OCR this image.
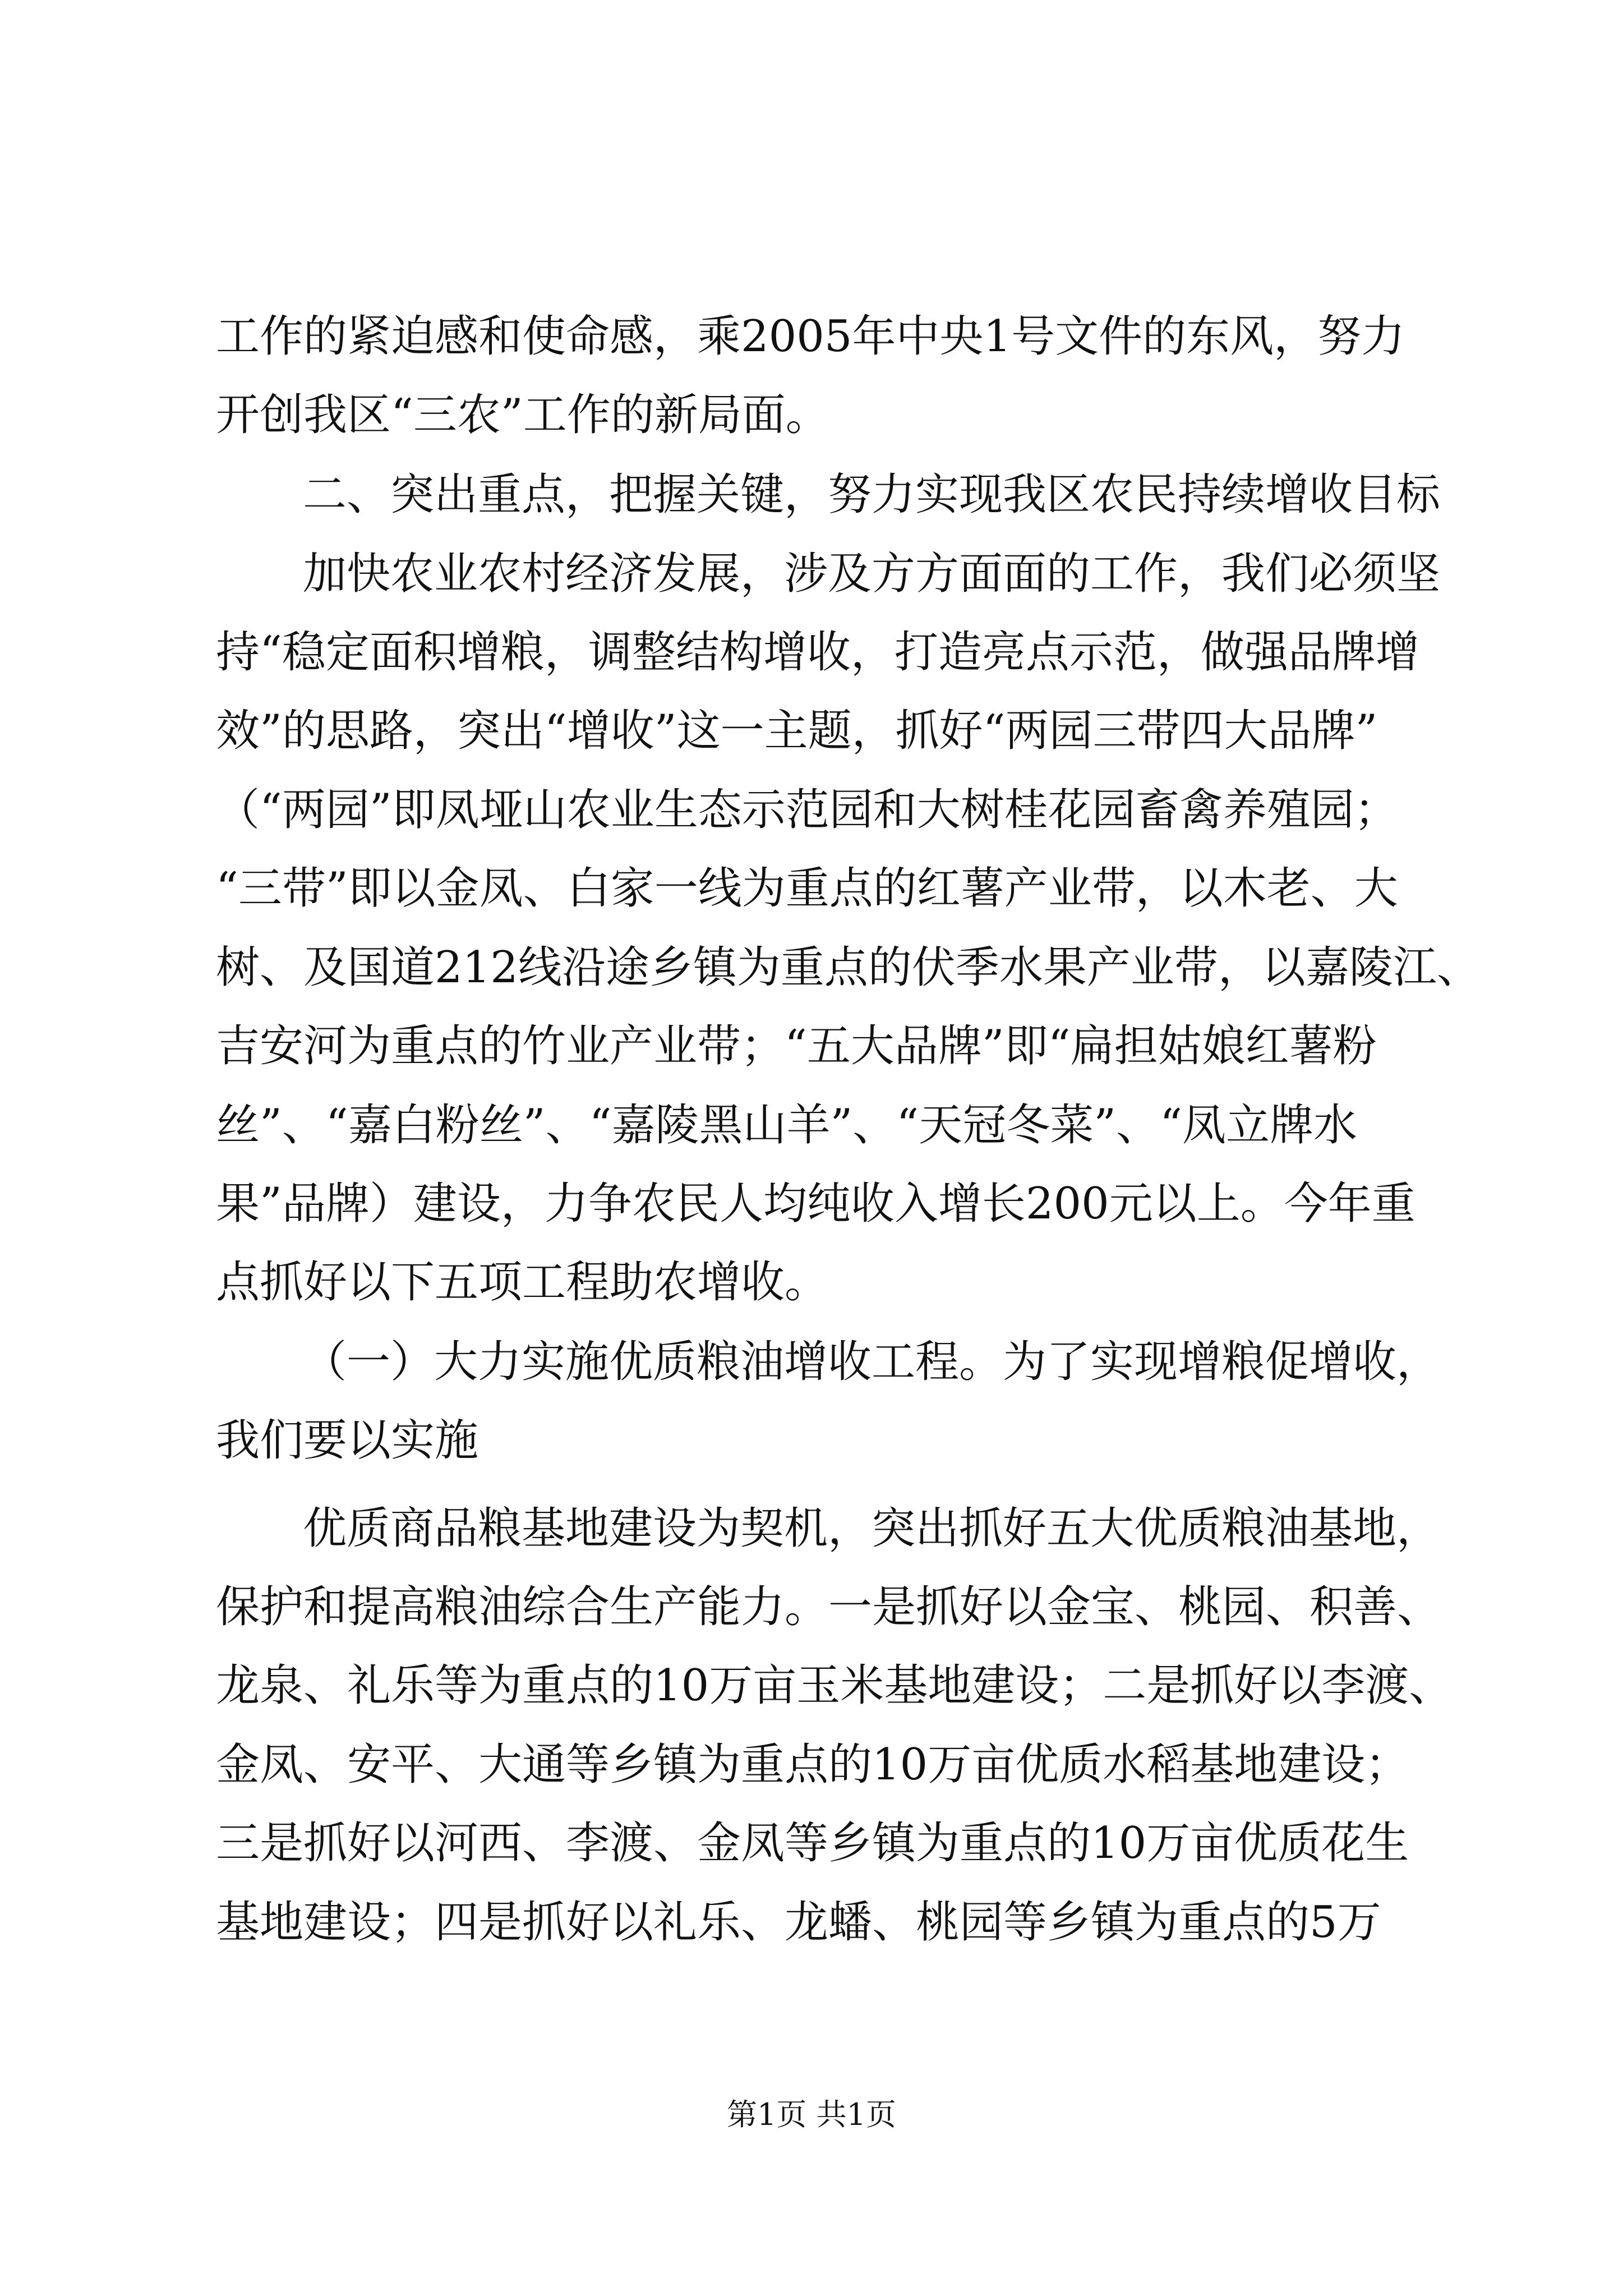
工作的紧迫感和使命感，乘2005年中央1号文件的东风，努力
开创我区“三农”工作的新局面。
二、突出重点，把握关键，努力实现我区农民持续增收目标
加快农业农村经济发展，涉及方方面面的工作，我们必须坚
持“稳定面积增粮，调整结构增收，打造亮点示范，做强品牌增
效”的思路，突出“增收”这一主题，抓好“两园三带四大品牌”
（“两园”即凤垭山农业生态示范园和大树桂花园畜禽养殖园；
“三带”即以金凤、白家一线为重点的红薯产业带，以木老、大
树、及国道212线沿途乡镇为重点的伏季水果产业带，以嘉陵江、
吉安河为重点的竹业产业带；“五大品牌”即“扁担姑娘红薯粉
丝”、“嘉白粉丝”、“嘉陵黑山羊”、“天冠冬菜”、“凤立牌水
果”品牌）建设，力争农民人均纯收入增长200元以上。今年重
点抓好以下五项工程助农增收。
（一）大力实施优质粮油增收工程。为了实现增粮促增收，
我们要以实施
优质商品粮基地建设为契机，突出抓好五大优质粮油基地，
保护和提高粮油综合生产能力。一是抓好以金宝、桃园、积善、
龙泉、礼乐等为重点的10万亩玉米基地建设；二是抓好以李渡、
金凤、安平、大通等乡镇为重点的10万亩优质水稻基地建设；
三是抓好以河西、李渡、金凤等乡镇为重点的10万亩优质花生
基地建设；四是抓好以礼乐、龙蟠、桃园等乡镇为重点的5万
第1页 共1页
